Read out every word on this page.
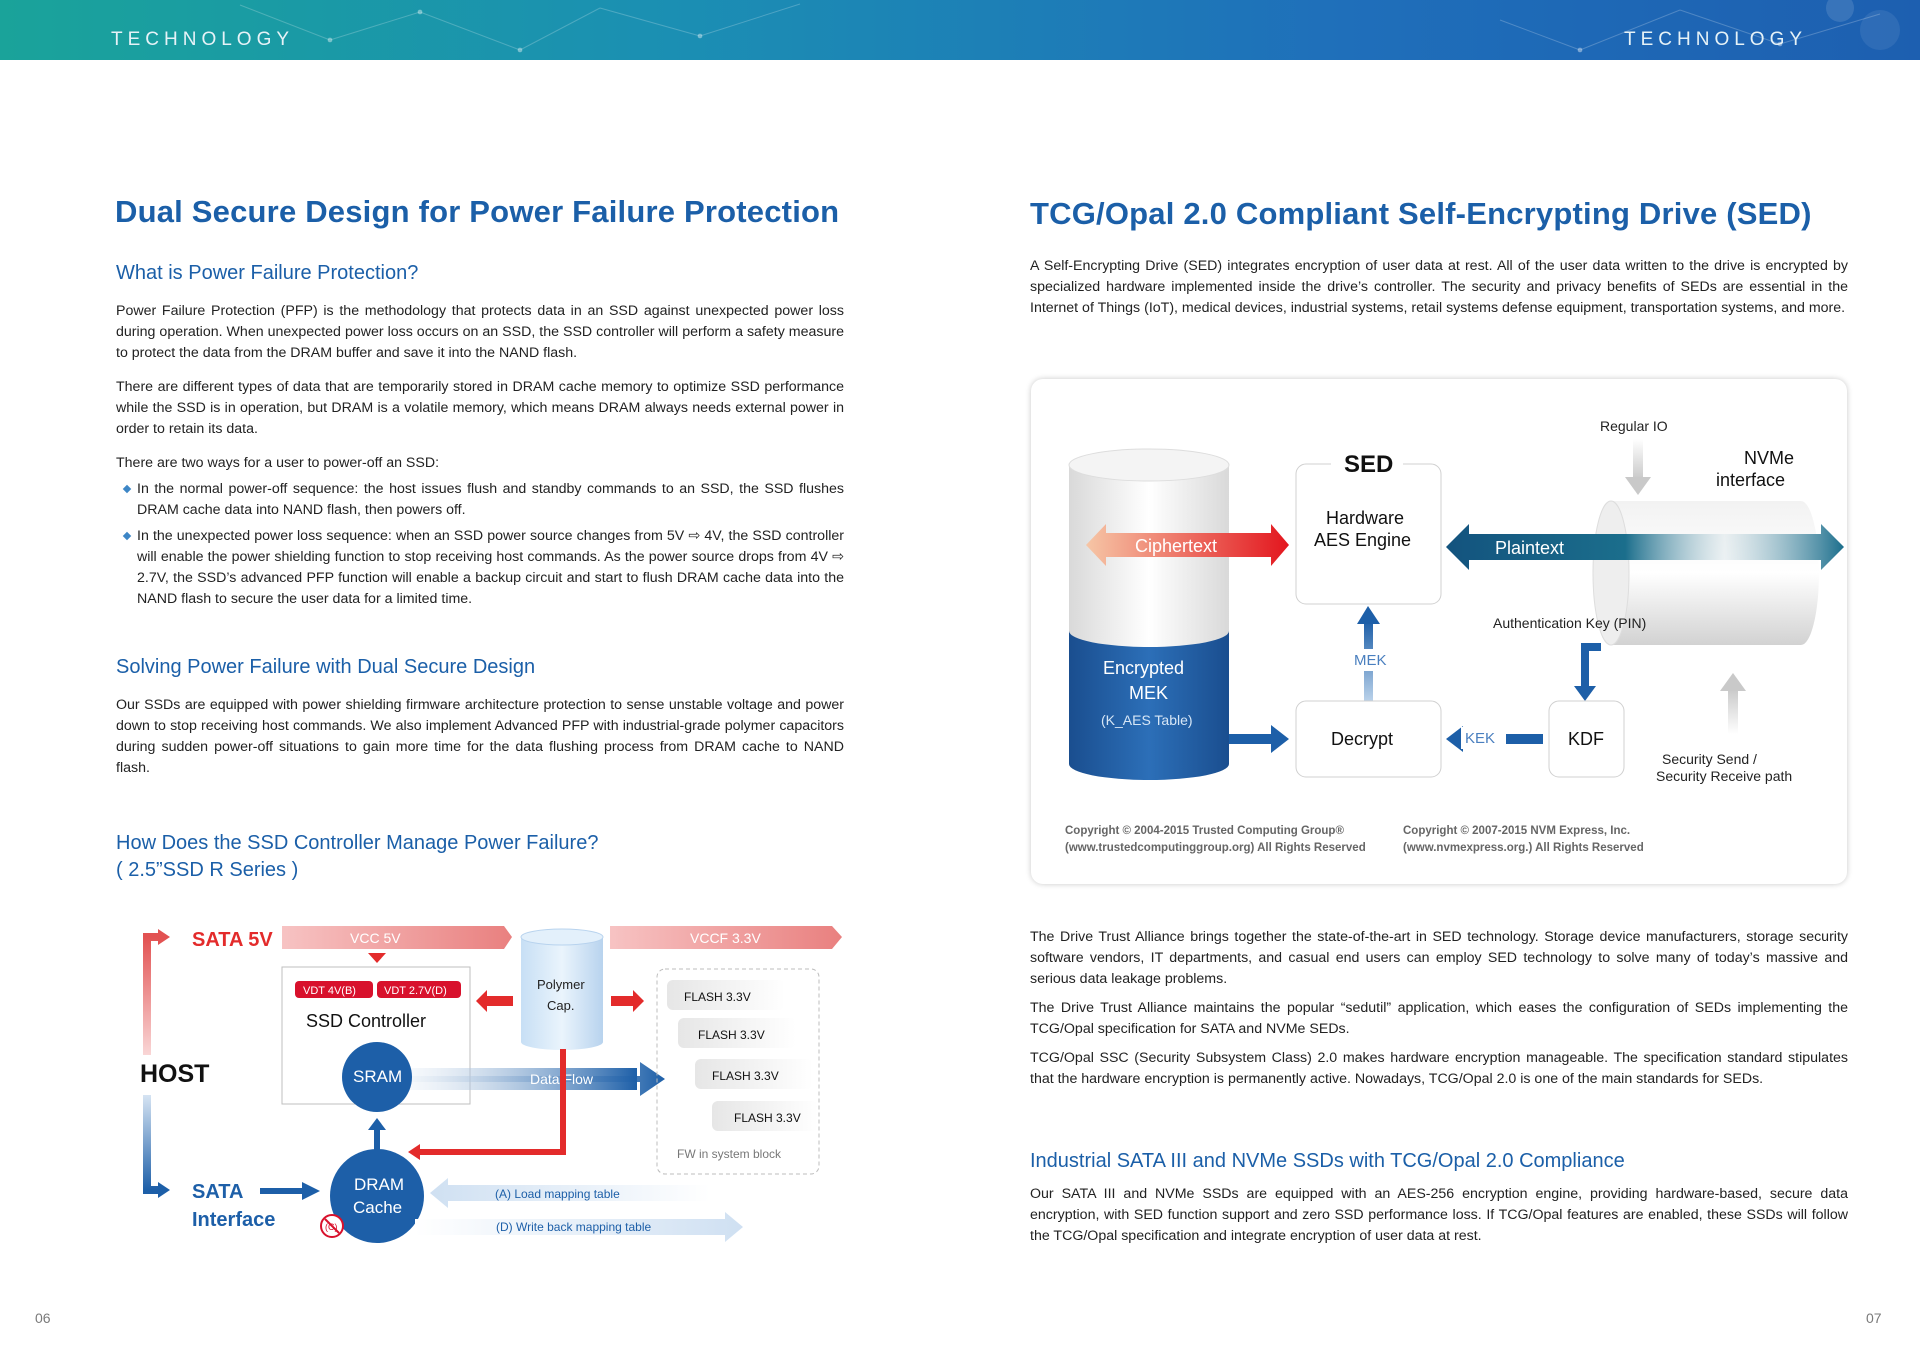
TECHNOLOGY	TECHNOLOGY
Dual Secure Design for Power Failure Protection
What is Power Failure Protection?

Power Failure Protection (PFP) is the methodology that protects data in an SSD against unexpected power loss during operation. When unexpected power loss occurs on an SSD, the SSD controller will perform a safety measure to protect the data from the DRAM buffer and save it into the NAND flash.

There are different types of data that are temporarily stored in DRAM cache memory to optimize SSD performance while the SSD is in operation, but DRAM is a volatile memory, which means DRAM always needs external power in order to retain its data.

There are two ways for a user to power-off an SSD:

In the normal power-off sequence: the host issues flush and standby commands to an SSD, the SSD flushes DRAM cache data into NAND flash, then powers off.
In the unexpected power loss sequence: when an SSD power source changes from 5V ⇨ 4V, the SSD controller will enable the power shielding function to stop receiving host commands. As the power source drops from 4V ⇨ 2.7V, the SSD’s advanced PFP function will enable a backup circuit and start to flush DRAM cache data into the NAND flash to secure the user data for a limited time.
Solving Power Failure with Dual Secure Design

Our SSDs are equipped with power shielding firmware architecture protection to sense unstable voltage and power down to stop receiving host commands. We also implement Advanced PFP with industrial-grade polymer capacitors during sudden power-off situations to gain more time for the data flushing process from DRAM cache to NAND flash.

How Does the SSD Controller Manage Power Failure?
( 2.5”SSD R Series )
HOST
SATA 5V	VCC 5V	VCCF 3.3V
VDT 4V(B)	VDT 2.7V(D)
SSD Controller
Polymer
Cap.
Data Flow
SRAM
DRAM
Cache
(C)
SATA
Interface
(A) Load mapping table
(D) Write back mapping table
FLASH 3.3V
FLASH 3.3V
FLASH 3.3V
FLASH 3.3V
FW in system block
06
TCG/Opal 2.0 Compliant Self-Encrypting Drive (SED)

A Self-Encrypting Drive (SED) integrates encryption of user data at rest. All of the user data written to the drive is encrypted by specialized hardware implemented inside the drive’s controller. The security and privacy benefits of SEDs are essential in the Internet of Things (IoT), medical devices, industrial systems, retail systems defense equipment, transportation systems, and more.

Encrypted
MEK
(K_AES Table)
Ciphertext
SED
Hardware
AES Engine
NVMe
interface
Regular IO
Plaintext
Authentication Key (PIN)
MEK
Decrypt	KDF
KEK
Security Send /
Security Receive path
Copyright © 2004-2015 Trusted Computing Group®
(www.trustedcomputinggroup.org) All Rights Reserved
Copyright © 2007-2015 NVM Express, Inc.
(www.nvmexpress.org.) All Rights Reserved

The Drive Trust Alliance brings together the state-of-the-art in SED technology. Storage device manufacturers, storage security software vendors, IT departments, and casual end users can employ SED technology to solve many of today’s massive and serious data leakage problems.

The Drive Trust Alliance maintains the popular “sedutil” application, which eases the configuration of SEDs implementing the TCG/Opal specification for SATA and NVMe SEDs.

TCG/Opal SSC (Security Subsystem Class) 2.0 makes hardware encryption manageable. The specification standard stipulates that the hardware encryption is permanently active. Nowadays, TCG/Opal 2.0 is one of the main standards for SEDs.

Industrial SATA III and NVMe SSDs with TCG/Opal 2.0 Compliance

Our SATA III and NVMe SSDs are equipped with an AES-256 encryption engine, providing hardware-based, secure data encryption, with SED function support and zero SSD performance loss. If TCG/Opal features are enabled, these SSDs will follow the TCG/Opal specification and integrate encryption of user data at rest.

07
